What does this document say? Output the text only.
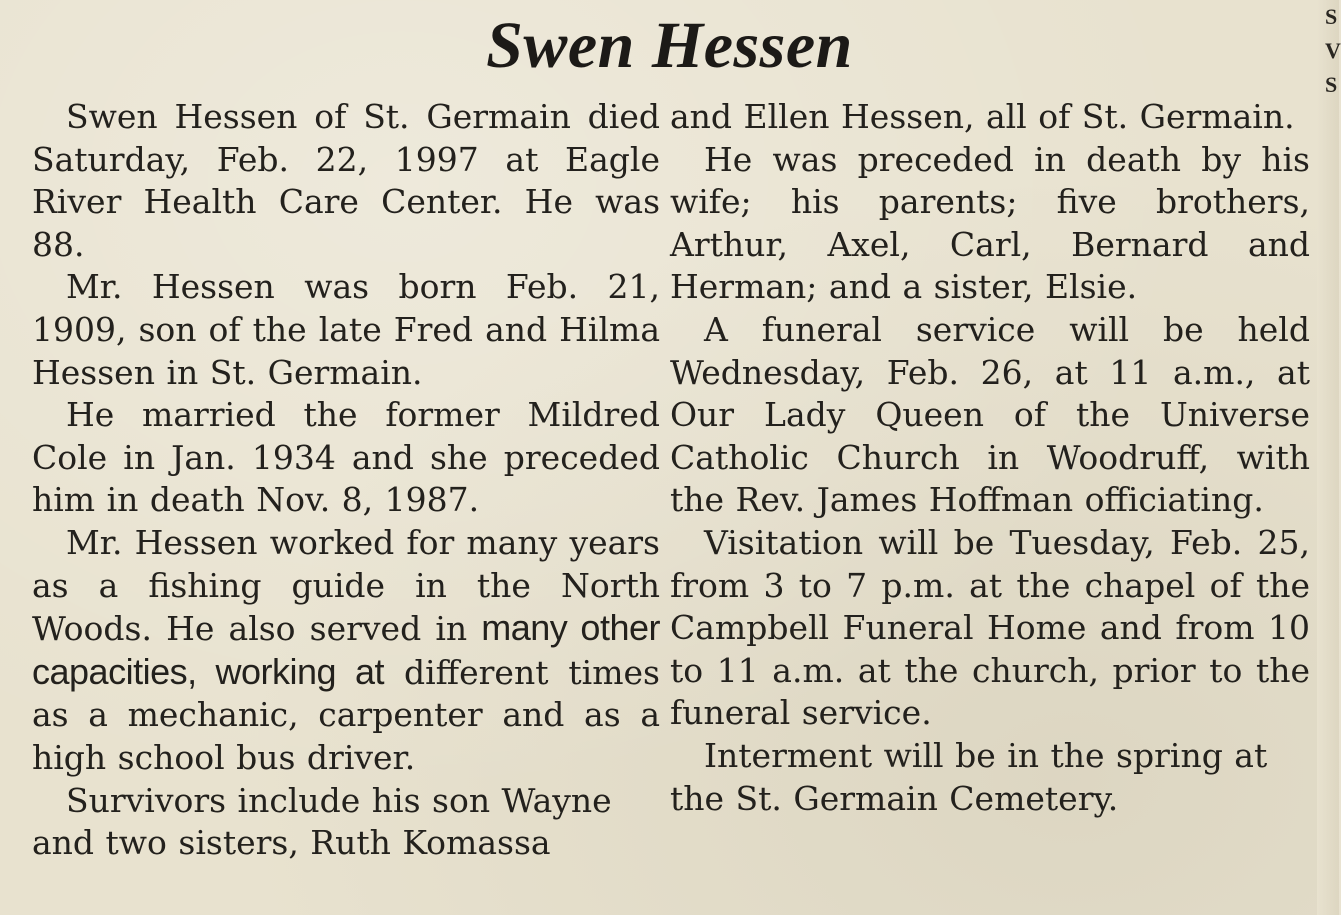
S
V
S
Swen Hessen

Swen Hessen of St. Germain died Saturday, Feb. 22, 1997 at Eagle River Health Care Center. He was 88.

Mr. Hessen was born Feb. 21, 1909, son of the late Fred and Hilma Hessen in St. Germain.

He married the former Mildred Cole in Jan. 1934 and she preceded him in death Nov. 8, 1987.

Mr. Hessen worked for many years as a fishing guide in the North Woods. He also served in many other capacities, working at different times as a mechanic, carpenter and as a high school bus driver.

Survivors include his son Wayne and two sisters, Ruth Komassa

and Ellen Hessen, all of St. Germain.

He was preceded in death by his wife; his parents; five brothers, Arthur, Axel, Carl, Bernard and Herman; and a sister, Elsie.

A funeral service will be held Wednesday, Feb. 26, at 11 a.m., at Our Lady Queen of the Universe Catholic Church in Woodruff, with the Rev. James Hoffman officiating.

Visitation will be Tuesday, Feb. 25, from 3 to 7 p.m. at the chapel of the Campbell Funeral Home and from 10 to 11 a.m. at the church, prior to the funeral service.

Interment will be in the spring at the St. Germain Cemetery.
